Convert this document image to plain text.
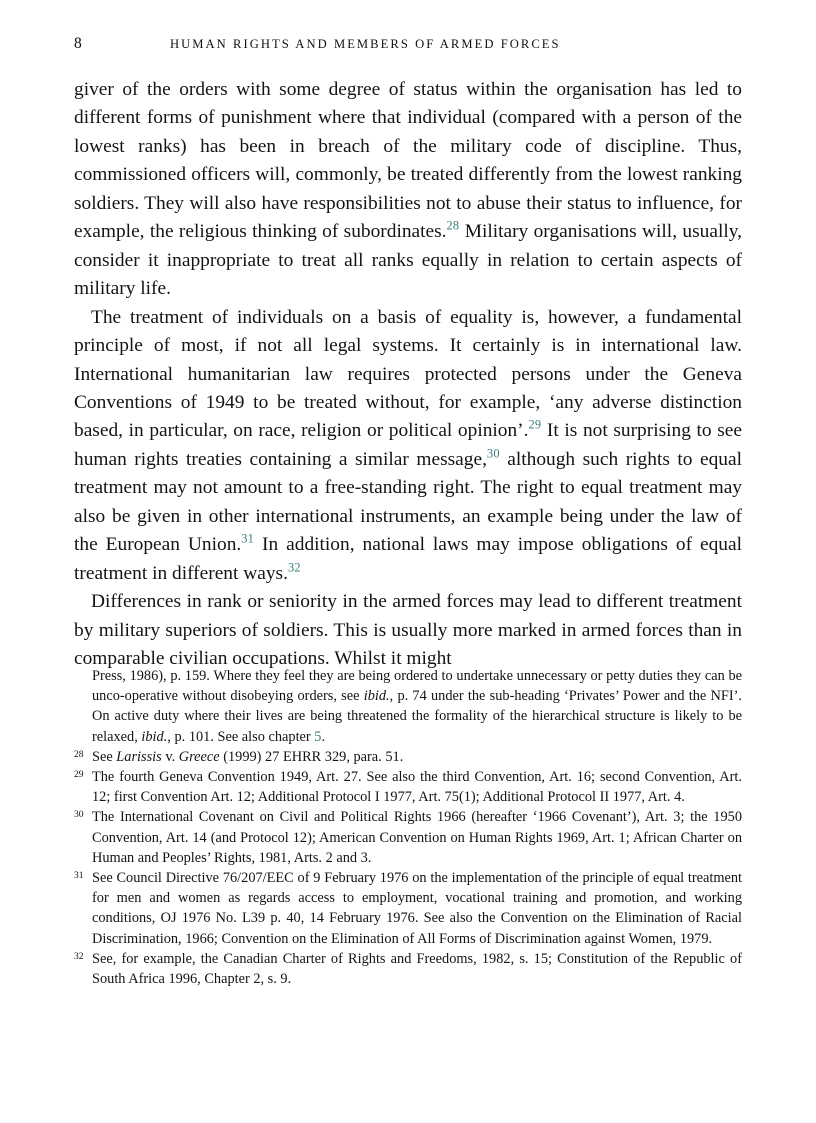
8	HUMAN RIGHTS AND MEMBERS OF ARMED FORCES

giver of the orders with some degree of status within the organisation has led to different forms of punishment where that individual (compared with a person of the lowest ranks) has been in breach of the military code of discipline. Thus, commissioned officers will, commonly, be treated differently from the lowest ranking soldiers. They will also have responsibilities not to abuse their status to influence, for example, the religious thinking of subordinates.$^{28}$ Military organisations will, usually, consider it inappropriate to treat all ranks equally in relation to certain aspects of military life.

The treatment of individuals on a basis of equality is, however, a fundamental principle of most, if not all legal systems. It certainly is in international law. International humanitarian law requires protected persons under the Geneva Conventions of 1949 to be treated without, for example, ‘any adverse distinction based, in particular, on race, religion or political opinion’.$^{29}$ It is not surprising to see human rights treaties containing a similar message,$^{30}$ although such rights to equal treatment may not amount to a free-standing right. The right to equal treatment may also be given in other international instruments, an example being under the law of the European Union.$^{31}$ In addition, national laws may impose obligations of equal treatment in different ways.$^{32}$

Differences in rank or seniority in the armed forces may lead to different treatment by military superiors of soldiers. This is usually more marked in armed forces than in comparable civilian occupations. Whilst it might

Press, 1986), p. 159. Where they feel they are being ordered to undertake unnecessary or petty duties they can be unco-operative without disobeying orders, see ibid., p. 74 under the sub-heading ‘Privates’ Power and the NFI’. On active duty where their lives are being threatened the formality of the hierarchical structure is likely to be relaxed, ibid., p. 101. See also chapter 5.
28 See Larissis v. Greece (1999) 27 EHRR 329, para. 51.
29 The fourth Geneva Convention 1949, Art. 27. See also the third Convention, Art. 16; second Convention, Art. 12; first Convention Art. 12; Additional Protocol I 1977, Art. 75(1); Additional Protocol II 1977, Art. 4.
30 The International Covenant on Civil and Political Rights 1966 (hereafter ‘1966 Covenant’), Art. 3; the 1950 Convention, Art. 14 (and Protocol 12); American Convention on Human Rights 1969, Art. 1; African Charter on Human and Peoples’ Rights, 1981, Arts. 2 and 3.
31 See Council Directive 76/207/EEC of 9 February 1976 on the implementation of the principle of equal treatment for men and women as regards access to employment, vocational training and promotion, and working conditions, OJ 1976 No. L39 p. 40, 14 February 1976. See also the Convention on the Elimination of Racial Discrimination, 1966; Convention on the Elimination of All Forms of Discrimination against Women, 1979.
32 See, for example, the Canadian Charter of Rights and Freedoms, 1982, s. 15; Constitution of the Republic of South Africa 1996, Chapter 2, s. 9.
